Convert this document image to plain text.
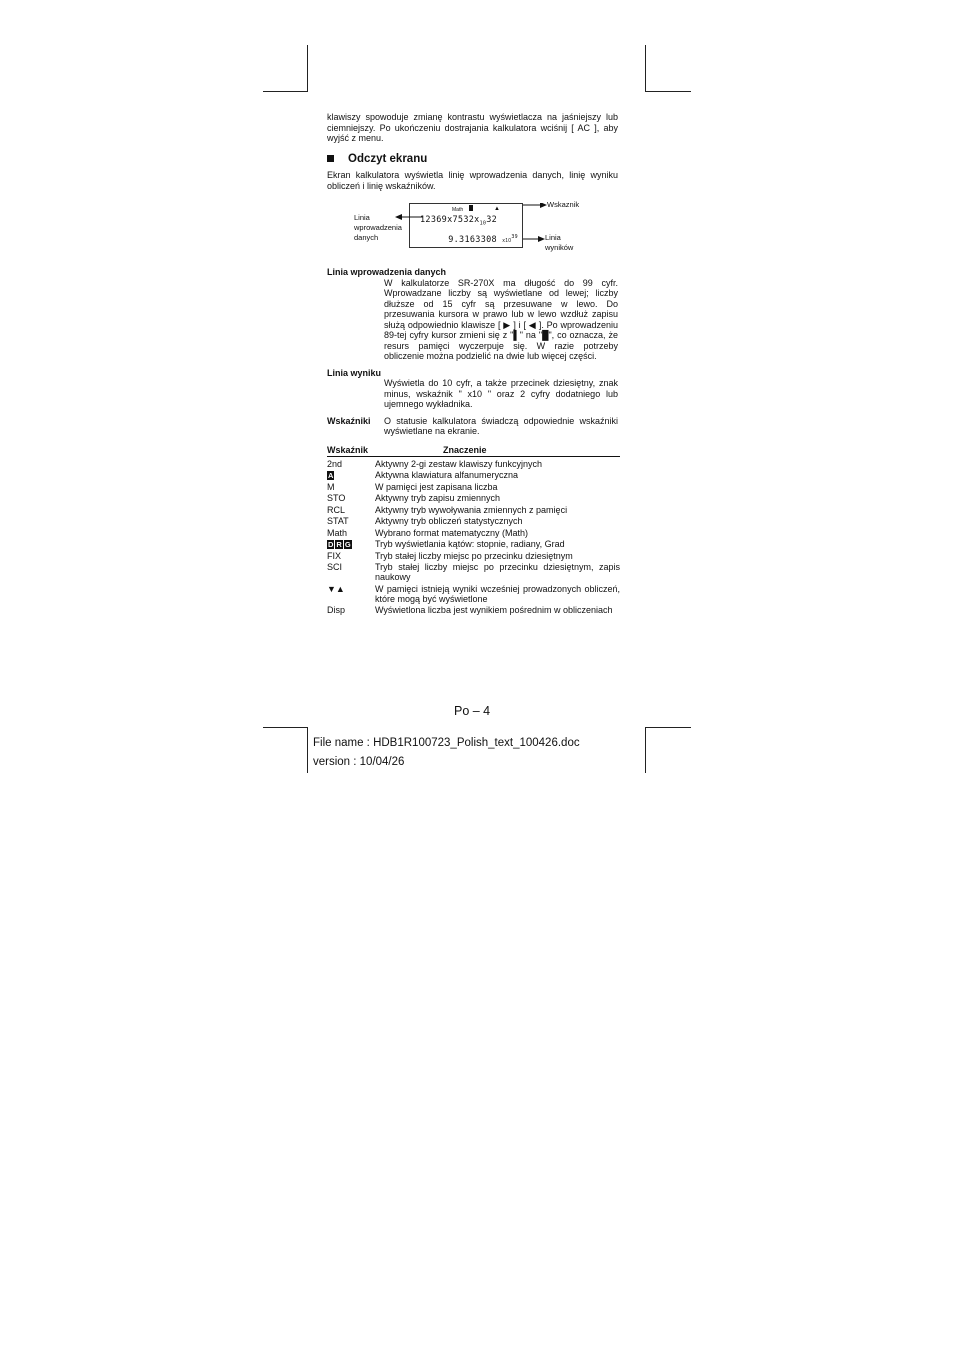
klawiszy spowoduje zmianę kontrastu wyświetlacza na jaśniejszy lub ciemniejszy. Po ukończeniu dostrajania kalkulatora wciśnij [ AC ], aby wyjść z menu.

Odczyt ekranu

Ekran kalkulatora wyświetla linię wprowadzenia danych, linię wyniku obliczeń i linię wskaźników.

Math	▲
$12369x7532x_{10}32$
9.3163308 $x10^{39}$
Linia
wprowadzenia
danych
Wskaznik
Linia
wyników
Linia wprowadzenia danych

W kalkulatorze SR-270X ma długość do 99 cyfr. Wprowadzane liczby są wyświetlane od lewej; liczby dłuższe od 15 cyfr są przesuwane w lewo. Do przesuwania kursora w prawo lub w lewo wzdłuż zapisu służą odpowiednio klawisze [ ▶ ] i [ ◀ ]. Po wprowadzeniu 89-tej cyfry kursor zmieni się z "▌" na "█", co oznacza, że resurs pamięci wyczerpuje się. W razie potrzeby obliczenie można podzielić na dwie lub więcej części.

Linia wyniku

Wyświetla do 10 cyfr, a także przecinek dziesiętny, znak minus, wskaźnik " x10 " oraz 2 cyfry dodatniego lub ujemnego wykładnika.

Wskaźniki	O statusie kalkulatora świadczą odpowiednie wskaźniki wyświetlane na ekranie.
Wskaźnik	Znaczenie
2nd	Aktywny 2-gi zestaw klawiszy funkcyjnych
A	Aktywna klawiatura alfanumeryczna
M	W pamięci jest zapisana liczba
STO	Aktywny tryb zapisu zmiennych
RCL	Aktywny tryb wywoływania zmiennych z pamięci
STAT	Aktywny tryb obliczeń statystycznych
Math	Wybrano format matematyczny (Math)
D R G	Tryb wyświetlania kątów: stopnie, radiany, Grad
FIX	Tryb stałej liczby miejsc po przecinku dziesiętnym
SCI	Tryb stałej liczby miejsc po przecinku dziesiętnym, zapis naukowy
▼▲	W pamięci istnieją wyniki wcześniej prowadzonych obliczeń, które mogą być wyświetlone
Disp	Wyświetlona liczba jest wynikiem pośrednim w obliczeniach
Po – 4
File name : HDB1R100723_Polish_text_100426.doc
version : 10/04/26
